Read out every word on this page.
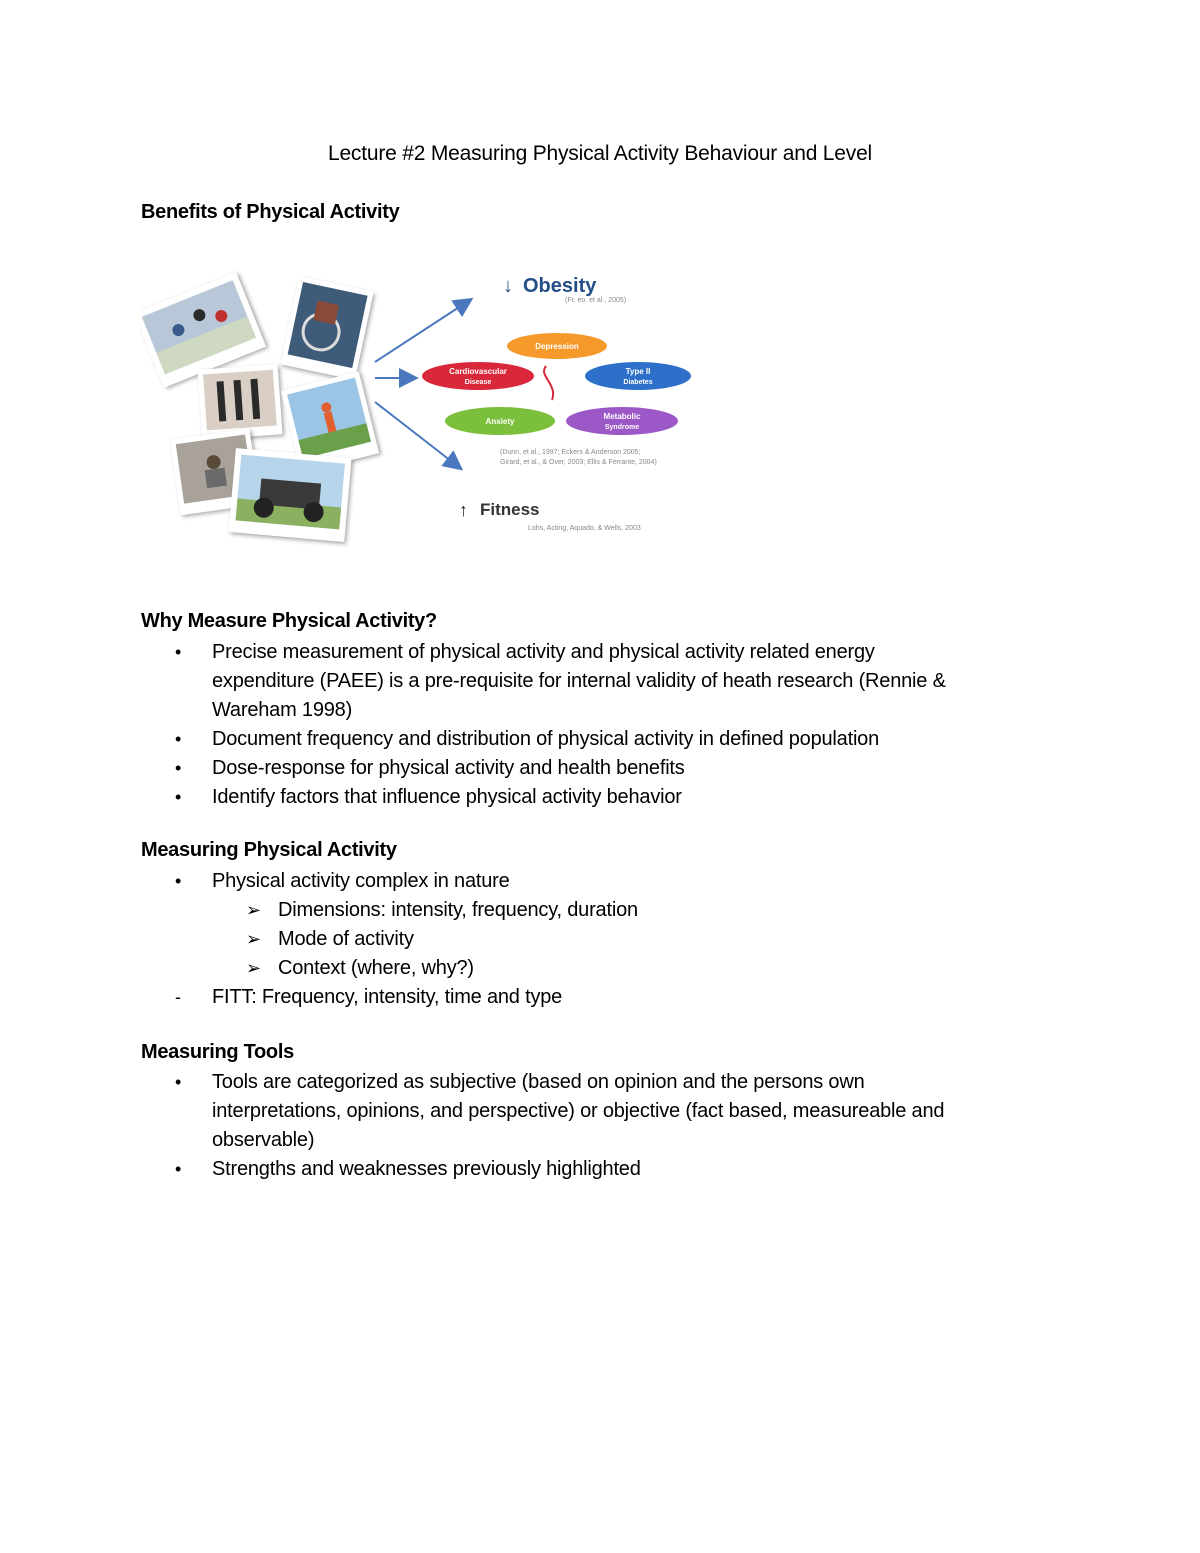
Lecture #2 Measuring Physical Activity Behaviour and Level
Benefits of Physical Activity
↓ Obesity
(Fr. eo. et al., 2005)
Depression
Cardiovascular
Disease
Type II
Diabetes
Anxiety
Metabolic
Syndrome
(Dunn, et al., 1997; Eckers & Anderson 2005;
Girard, et al., & Over, 2003; Ellis & Ferrante, 2004)
↑ Fitness
Lohs, Acting, Aquado, & Wells, 2003
Why Measure Physical Activity?
• Precise measurement of physical activity and physical activity related energy
expenditure (PAEE) is a pre-requisite for internal validity of heath research (Rennie &
Wareham 1998)
• Document frequency and distribution of physical activity in defined population
• Dose-response for physical activity and health benefits
• Identify factors that influence physical activity behavior
Measuring Physical Activity
• Physical activity complex in nature
➢ Dimensions: intensity, frequency, duration
➢ Mode of activity
➢ Context (where, why?)
- FITT: Frequency, intensity, time and type
Measuring Tools
• Tools are categorized as subjective (based on opinion and the persons own
interpretations, opinions, and perspective) or objective (fact based, measureable and
observable)
• Strengths and weaknesses previously highlighted
